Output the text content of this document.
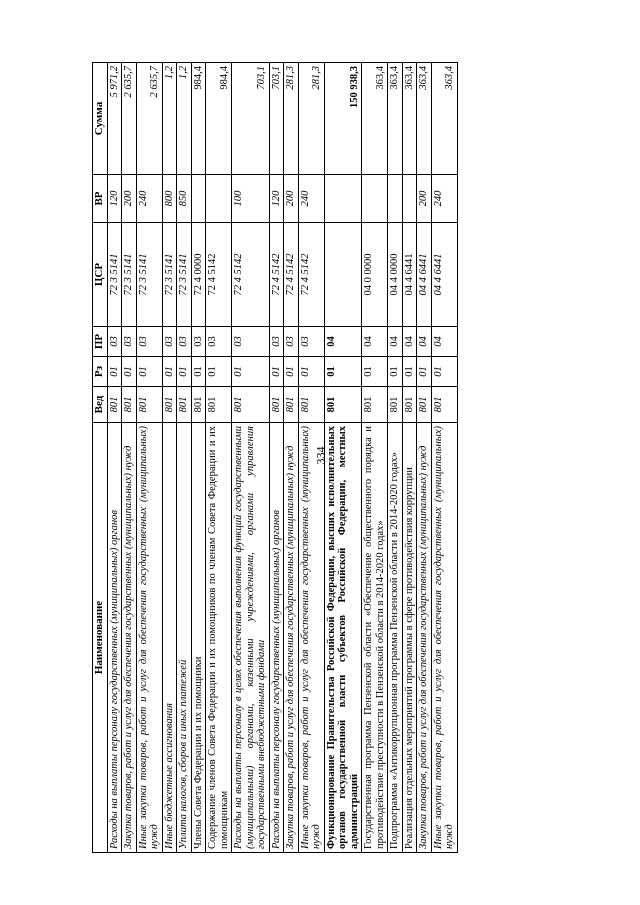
334
Наименование	Вед	Рз	ПР	ЦСР	ВР	Сумма
Расходы на выплаты персоналу государственных (муниципальных) органов	801	01	03	72 3 5141	120	5 971,2
Закупка товаров, работ и услуг для обеспечения государственных (муниципальных) нужд	801	01	03	72 3 5141	200	2 635,7
Иные закупки товаров, работ и услуг для обеспечения государственных (муниципальных) нужд	801	01	03	72 3 5141	240	2 635,7
Иные бюджетные ассигнования	801	01	03	72 3 5141	800	1,2
Уплата налогов, сборов и иных платежей	801	01	03	72 3 5141	850	1,2
Члены Совета Федерации и их помощники	801	01	03	72 4 0000		984,4
Содержание членов Совета Федерации и их помощников по членам Совета Федерации и их помощникам	801	01	03	72 4 5142		984,4
Расходы на выплаты персоналу в целях обеспечения выполнения функций государственными (муниципальными) органами, казенными учреждениями, органами управления государственными внебюджетными фондами	801	01	03	72 4 5142	100	703,1
Расходы на выплаты персоналу государственных (муниципальных) органов	801	01	03	72 4 5142	120	703,1
Закупка товаров, работ и услуг для обеспечения государственных (муниципальных) нужд	801	01	03	72 4 5142	200	281,3
Иные закупки товаров, работ и услуг для обеспечения государственных (муниципальных) нужд	801	01	03	72 4 5142	240	281,3
Функционирование Правительства Российской Федерации, высших исполнительных органов государственной власти субъектов Российской Федерации, местных администраций	801	01	04			150 938,3
Государственная программа Пензенской области «Обеспечение общественного порядка и противодействие преступности в Пензенской области в 2014-2020 годах»	801	01	04	04 0 0000		363,4
Подпрограмма «Антикоррупционная программа Пензенской области в 2014-2020 годах»	801	01	04	04 4 0000		363,4
Реализация отдельных мероприятий программы в сфере противодействия коррупции	801	01	04	04 4 6441		363,4
Закупка товаров, работ и услуг для обеспечения государственных (муниципальных) нужд	801	01	04	04 4 6441	200	363,4
Иные закупки товаров, работ и услуг для обеспечения государственных (муниципальных) нужд	801	01	04	04 4 6441	240	363,4
